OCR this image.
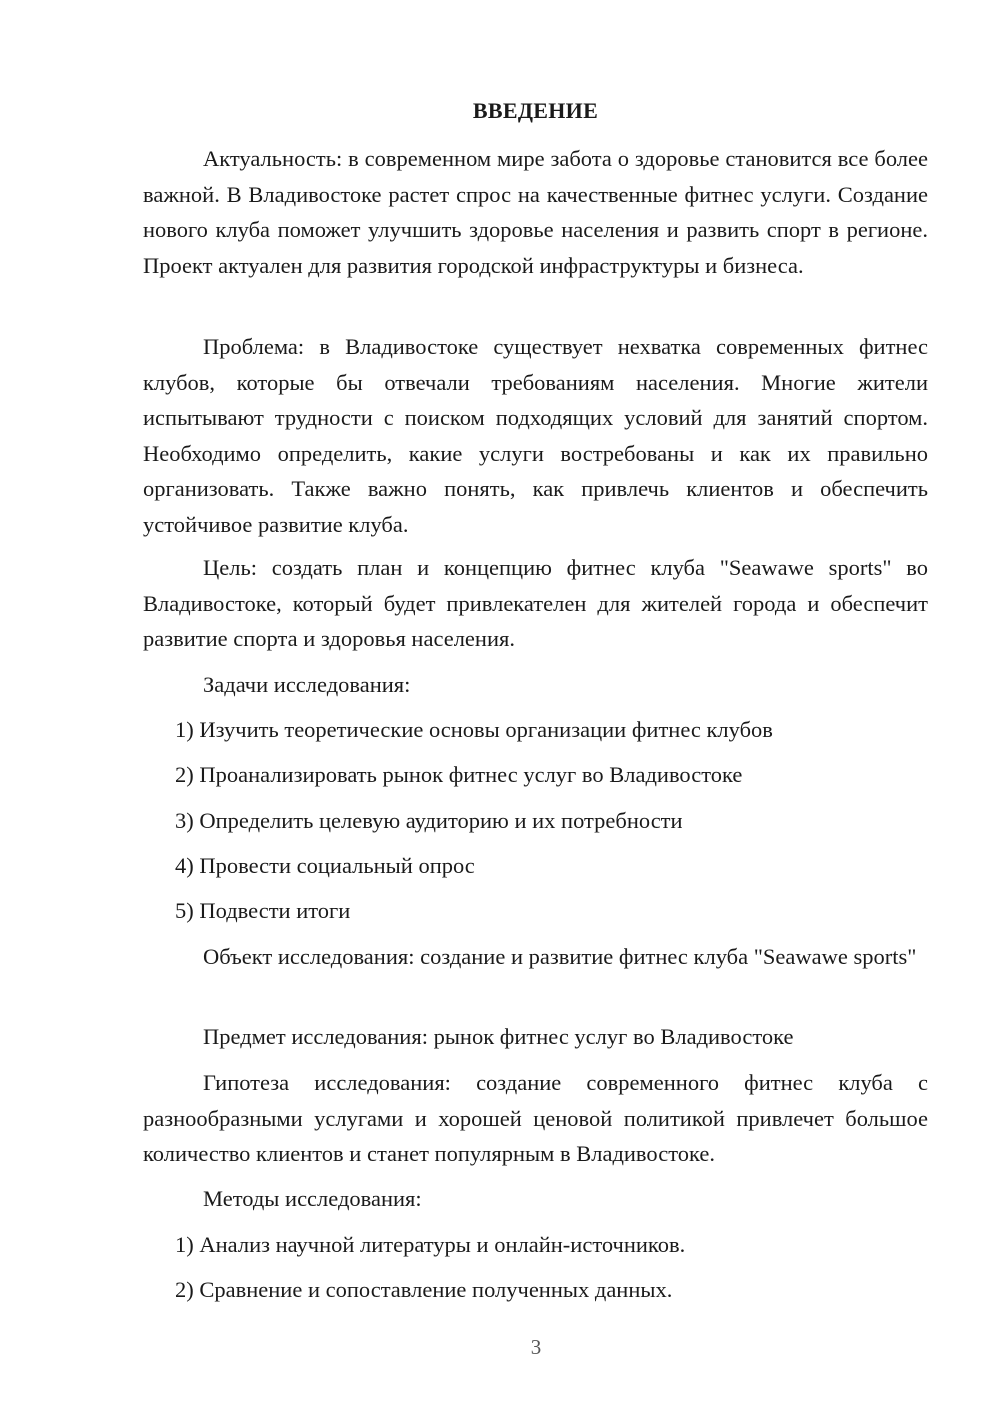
ВВЕДЕНИЕ

Актуальность: в современном мире забота о здоровье становится все более важной. В Владивостоке растет спрос на качественные фитнес услуги. Создание нового клуба поможет улучшить здоровье населения и развить спорт в регионе. Проект актуален для развития городской инфраструктуры и бизнеса.

Проблема: в Владивостоке существует нехватка современных фитнес клубов, которые бы отвечали требованиям населения. Многие жители испытывают трудности с поиском подходящих условий для занятий спортом. Необходимо определить, какие услуги востребованы и как их правильно организовать. Также важно понять, как привлечь клиентов и обеспечить устойчивое развитие клуба.

Цель: создать план и концепцию фитнес клуба "Seawawe sports" во Владивостоке, который будет привлекателен для жителей города и обеспечит развитие спорта и здоровья населения.

Задачи исследования:
1) Изучить теоретические основы организации фитнес клубов
2) Проанализировать рынок фитнес услуг во Владивостоке
3) Определить целевую аудиторию и их потребности
4) Провести социальный опрос
5) Подвести итоги

Объект исследования: создание и развитие фитнес клуба "Seawawe sports"

Предмет исследования: рынок фитнес услуг во Владивостоке

Гипотеза исследования: создание современного фитнес клуба с разнообразными услугами и хорошей ценовой политикой привлечет большое количество клиентов и станет популярным в Владивостоке.

Методы исследования:
1) Анализ научной литературы и онлайн-источников.
2) Сравнение и сопоставление полученных данных.
3
